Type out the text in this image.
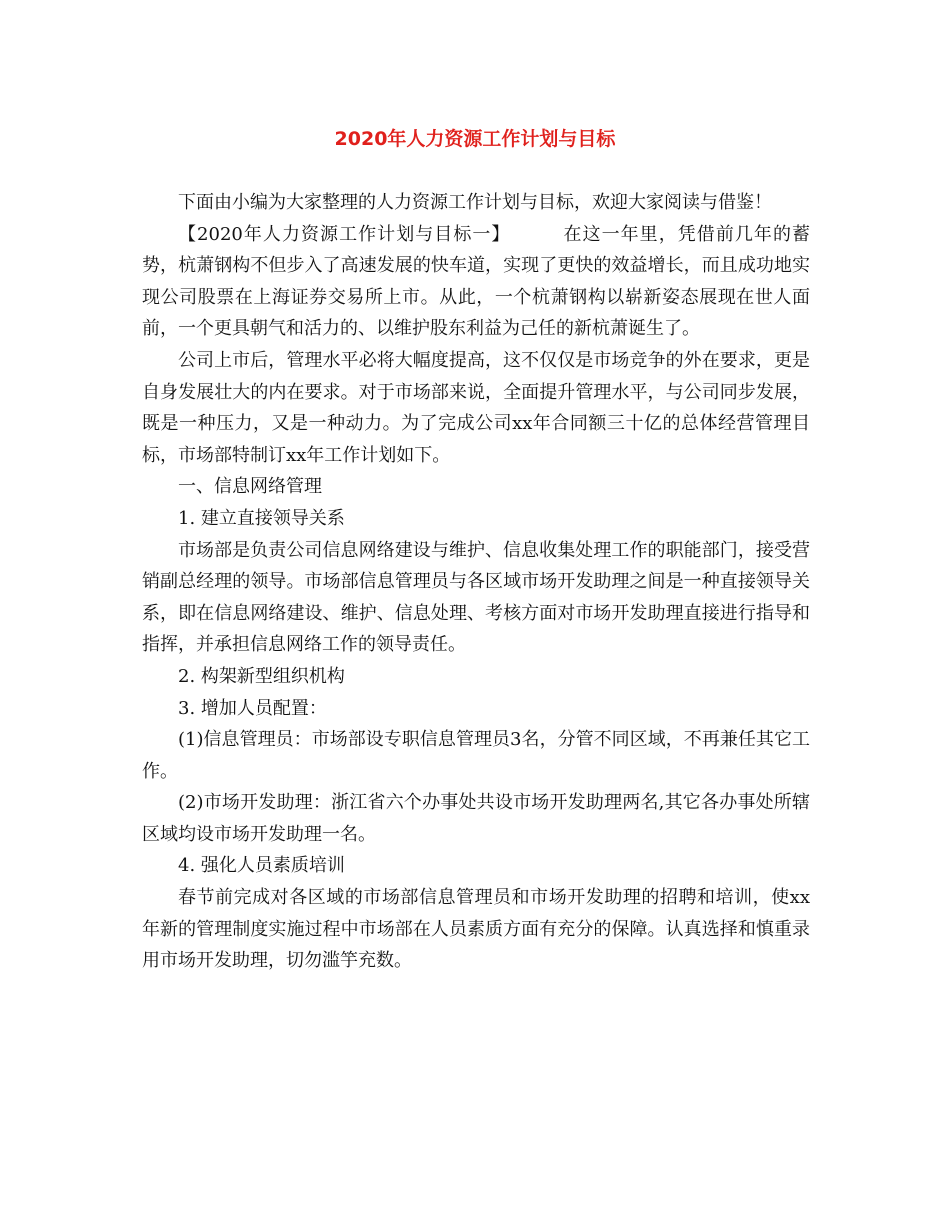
2020年人力资源工作计划与目标

下面由小编为大家整理的人力资源工作计划与目标，欢迎大家阅读与借鉴！

【2020年人力资源工作计划与目标一】	在这一年里，凭借前几年的蓄势，杭萧钢构不但步入了高速发展的快车道，实现了更快的效益增长，而且成功地实现公司股票在上海证券交易所上市。从此，一个杭萧钢构以崭新姿态展现在世人面前，一个更具朝气和活力的、以维护股东利益为己任的新杭萧诞生了。

公司上市后，管理水平必将大幅度提高，这不仅仅是市场竞争的外在要求，更是自身发展壮大的内在要求。对于市场部来说，全面提升管理水平，与公司同步发展，既是一种压力，又是一种动力。为了完成公司xx年合同额三十亿的总体经营管理目标，市场部特制订xx年工作计划如下。

一、信息网络管理

1. 建立直接领导关系

市场部是负责公司信息网络建设与维护、信息收集处理工作的职能部门，接受营销副总经理的领导。市场部信息管理员与各区域市场开发助理之间是一种直接领导关系，即在信息网络建设、维护、信息处理、考核方面对市场开发助理直接进行指导和指挥，并承担信息网络工作的领导责任。

2. 构架新型组织机构

3. 增加人员配置：

(1)信息管理员：市场部设专职信息管理员3名，分管不同区域，不再兼任其它工作。

(2)市场开发助理：浙江省六个办事处共设市场开发助理两名,其它各办事处所辖区域均设市场开发助理一名。

4. 强化人员素质培训

春节前完成对各区域的市场部信息管理员和市场开发助理的招聘和培训，使xx年新的管理制度实施过程中市场部在人员素质方面有充分的保障。认真选择和慎重录用市场开发助理，切勿滥竽充数。
